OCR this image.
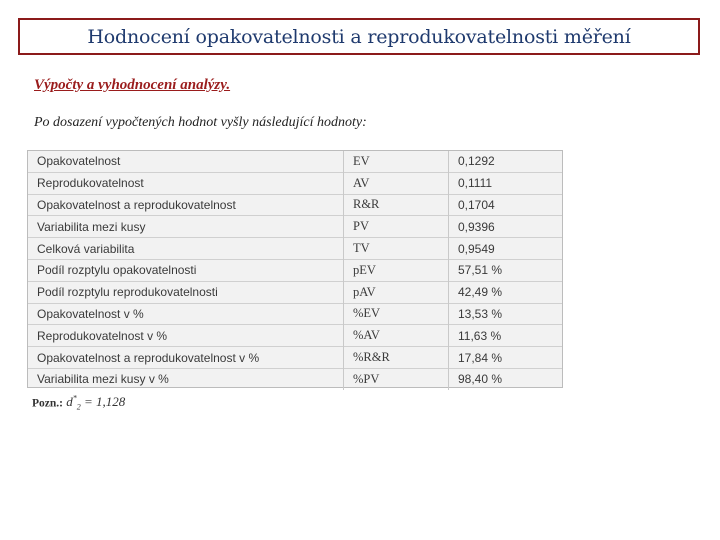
Hodnocení opakovatelnosti a reprodukovatelnosti měření
Výpočty a vyhodnocení analýzy.
Po dosazení vypočtených hodnot vyšly následující hodnoty:
Opakovatelnost	EV	0,1292
Reprodukovatelnost	AV	0,1111
Opakovatelnost a reprodukovatelnost	R&R	0,1704
Variabilita mezi kusy	PV	0,9396
Celková variabilita	TV	0,9549
Podíl rozptylu opakovatelnosti	pEV	57,51 %
Podíl rozptylu reprodukovatelnosti	pAV	42,49 %
Opakovatelnost v %	%EV	13,53 %
Reprodukovatelnost v %	%AV	11,63 %
Opakovatelnost a reprodukovatelnost v %	%R&R	17,84 %
Variabilita mezi kusy v %	%PV	98,40 %
Pozn.: $d^*_2 = 1,128$
